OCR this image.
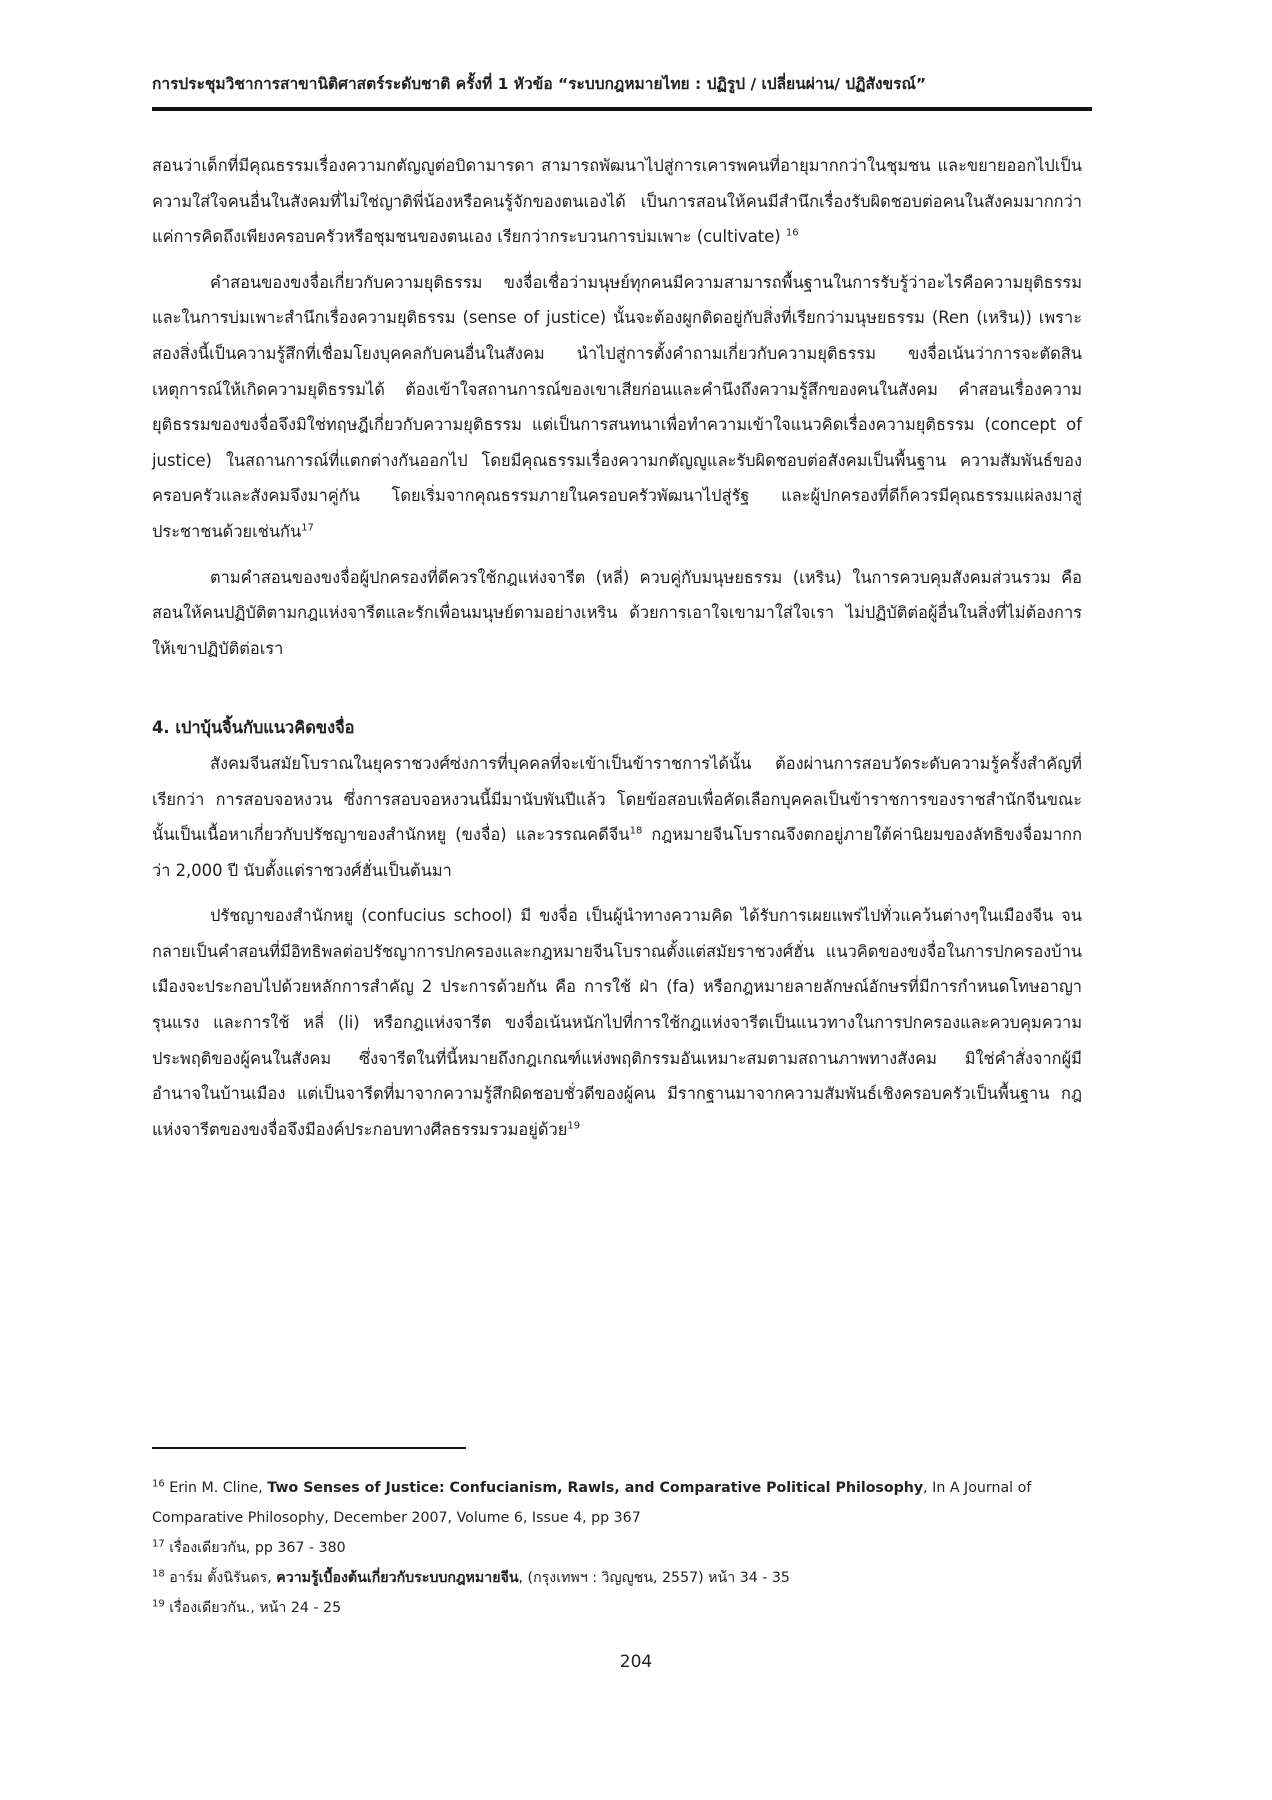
การประชุมวิชาการสาขานิติศาสตร์ระดับชาติ ครั้งที่ 1 หัวข้อ “ระบบกฎหมายไทย : ปฏิรูป / เปลี่ยนผ่าน/ ปฏิสังขรณ์”

สอนว่าเด็กที่มีคุณธรรมเรื่องความกตัญญูต่อบิดามารดา สามารถพัฒนาไปสู่การเคารพคนที่อายุมากกว่าในชุมชน และขยายออกไปเป็นความใส่ใจคนอื่นในสังคมที่ไม่ใช่ญาติพี่น้องหรือคนรู้จักของตนเองได้ เป็นการสอนให้คนมีสำนึกเรื่องรับผิดชอบต่อคนในสังคมมากกว่าแค่การคิดถึงเพียงครอบครัวหรือชุมชนของตนเอง เรียกว่ากระบวนการบ่มเพาะ (cultivate) $^{16}$

คำสอนของขงจื่อเกี่ยวกับความยุติธรรม ขงจื่อเชื่อว่ามนุษย์ทุกคนมีความสามารถพื้นฐานในการรับรู้ว่าอะไรคือความยุติธรรม และในการบ่มเพาะสำนึกเรื่องความยุติธรรม (sense of justice) นั้นจะต้องผูกติดอยู่กับสิ่งที่เรียกว่ามนุษยธรรม (Ren (เหริน)) เพราะสองสิ่งนี้เป็นความรู้สึกที่เชื่อมโยงบุคคลกับคนอื่นในสังคม นำไปสู่การตั้งคำถามเกี่ยวกับความยุติธรรม ขงจื่อเน้นว่าการจะตัดสินเหตุการณ์ให้เกิดความยุติธรรมได้ ต้องเข้าใจสถานการณ์ของเขาเสียก่อนและคำนึงถึงความรู้สึกของคนในสังคม คำสอนเรื่องความยุติธรรมของขงจื่อจึงมิใช่ทฤษฎีเกี่ยวกับความยุติธรรม แต่เป็นการสนทนาเพื่อทำความเข้าใจแนวคิดเรื่องความยุติธรรม (concept of justice) ในสถานการณ์ที่แตกต่างกันออกไป โดยมีคุณธรรมเรื่องความกตัญญูและรับผิดชอบต่อสังคมเป็นพื้นฐาน ความสัมพันธ์ของครอบครัวและสังคมจึงมาคู่กัน โดยเริ่มจากคุณธรรมภายในครอบครัวพัฒนาไปสู่รัฐ และผู้ปกครองที่ดีก็ควรมีคุณธรรมแผ่ลงมาสู่ประชาชนด้วยเช่นกัน$^{17}$

ตามคำสอนของขงจื่อผู้ปกครองที่ดีควรใช้กฎแห่งจารีต (หลี่) ควบคู่กับมนุษยธรรม (เหริน) ในการควบคุมสังคมส่วนรวม คือสอนให้คนปฏิบัติตามกฎแห่งจารีตและรักเพื่อนมนุษย์ตามอย่างเหริน ด้วยการเอาใจเขามาใส่ใจเรา ไม่ปฏิบัติต่อผู้อื่นในสิ่งที่ไม่ต้องการให้เขาปฏิบัติต่อเรา

4. เปาบุ้นจิ้นกับแนวคิดขงจื่อ

สังคมจีนสมัยโบราณในยุคราชวงศ์ซ่งการที่บุคคลที่จะเข้าเป็นข้าราชการได้นั้น ต้องผ่านการสอบวัดระดับความรู้ครั้งสำคัญที่เรียกว่า การสอบจอหงวน ซึ่งการสอบจอหงวนนี้มีมานับพันปีแล้ว โดยข้อสอบเพื่อคัดเลือกบุคคลเป็นข้าราชการของราชสำนักจีนขณะนั้นเป็นเนื้อหาเกี่ยวกับปรัชญาของสำนักหยู (ขงจื่อ) และวรรณคดีจีน$^{18}$ กฎหมายจีนโบราณจึงตกอยู่ภายใต้ค่านิยมของลัทธิขงจื่อมากกว่า 2,000 ปี นับตั้งแต่ราชวงศ์ฮั่นเป็นต้นมา

ปรัชญาของสำนักหยู (confucius school) มี ขงจื่อ เป็นผู้นำทางความคิด ได้รับการเผยแพร่ไปทั่วแคว้นต่างๆในเมืองจีน จนกลายเป็นคำสอนที่มีอิทธิพลต่อปรัชญาการปกครองและกฎหมายจีนโบราณตั้งแต่สมัยราชวงศ์ฮั่น แนวคิดของขงจื่อในการปกครองบ้านเมืองจะประกอบไปด้วยหลักการสำคัญ 2 ประการด้วยกัน คือ การใช้ ฝ่า (fa) หรือกฎหมายลายลักษณ์อักษรที่มีการกำหนดโทษอาญารุนแรง และการใช้ หลี่ (li) หรือกฎแห่งจารีต ขงจื่อเน้นหนักไปที่การใช้กฎแห่งจารีตเป็นแนวทางในการปกครองและควบคุมความประพฤติของผู้คนในสังคม ซึ่งจารีตในที่นี้หมายถึงกฎเกณฑ์แห่งพฤติกรรมอันเหมาะสมตามสถานภาพทางสังคม มิใช่คำสั่งจากผู้มีอำนาจในบ้านเมือง แต่เป็นจารีตที่มาจากความรู้สึกผิดชอบชั่วดีของผู้คน มีรากฐานมาจากความสัมพันธ์เชิงครอบครัวเป็นพื้นฐาน กฎแห่งจารีตของขงจื่อจึงมีองค์ประกอบทางศีลธรรมรวมอยู่ด้วย$^{19}$

$^{16}$ Erin M. Cline, Two Senses of Justice: Confucianism, Rawls, and Comparative Political Philosophy, In A Journal of Comparative Philosophy, December 2007, Volume 6, Issue 4, pp 367

$^{17}$ เรื่องเดียวกัน, pp 367 - 380

$^{18}$ อาร์ม ตั้งนิรันดร, ความรู้เบื้องต้นเกี่ยวกับระบบกฎหมายจีน, (กรุงเทพฯ : วิญญูชน, 2557) หน้า 34 - 35

$^{19}$ เรื่องเดียวกัน., หน้า 24 - 25

204
